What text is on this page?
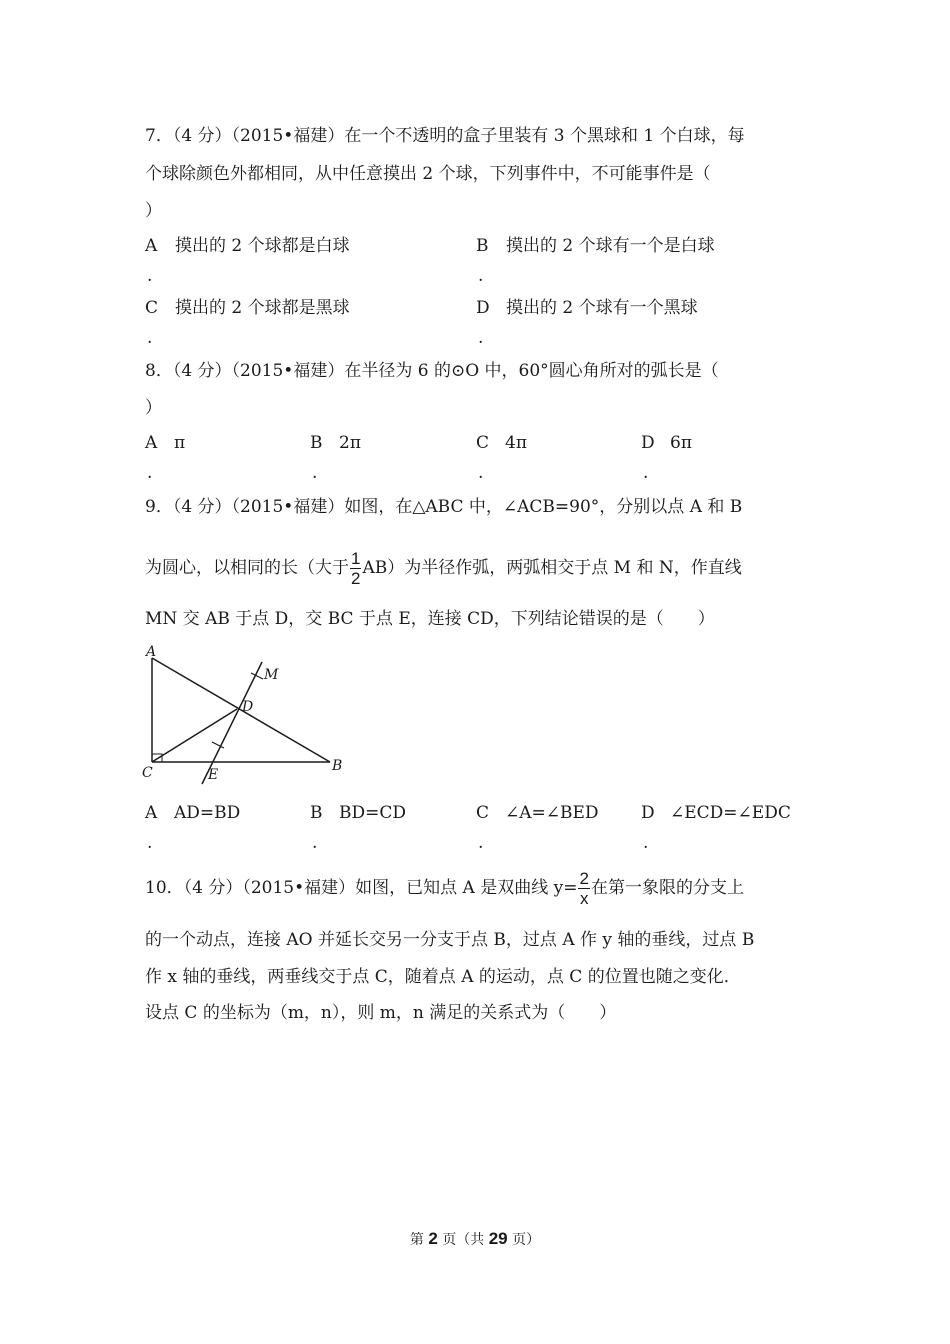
7．（4 分）（2015•福建）在一个不透明的盒子里装有 3 个黑球和 1 个白球，每
个球除颜色外都相同，从中任意摸出 2 个球，下列事件中，不可能事件是（
）
A 摸出的 2 个球都是白球
.
B 摸出的 2 个球有一个是白球
.
C 摸出的 2 个球都是黑球
.
D 摸出的 2 个球有一个黑球
.
8．（4 分）（2015•福建）在半径为 6 的⊙O 中，60°圆心角所对的弧长是（
）
A π
.
B 2π
.
C 4π
.
D 6π
.
9．（4 分）（2015•福建）如图，在△ABC 中，∠ACB=90°，分别以点 A 和 B
为圆心，以相同的长（大于 $\frac{1}{2} AB$）为半径作弧，两弧相交于点 M 和 N，作直线
MN 交 AB 于点 D，交 BC 于点 E，连接 CD，下列结论错误的是（　　）
A
C	B
D
E
M
A AD=BD
.
B BD=CD
.
C ∠A=∠BED
.
D ∠ECD=∠EDC
.
10．（4 分）（2015•福建）如图，已知点 A 是双曲线 $y= \frac{2}{x}$ 在第一象限的分支上
的一个动点，连接 AO 并延长交另一分支于点 B，过点 A 作 y 轴的垂线，过点 B
作 x 轴的垂线，两垂线交于点 C，随着点 A 的运动，点 C 的位置也随之变化．
设点 C 的坐标为（m，n），则 m，n 满足的关系式为（　　）
第 2 页（共 29 页）
